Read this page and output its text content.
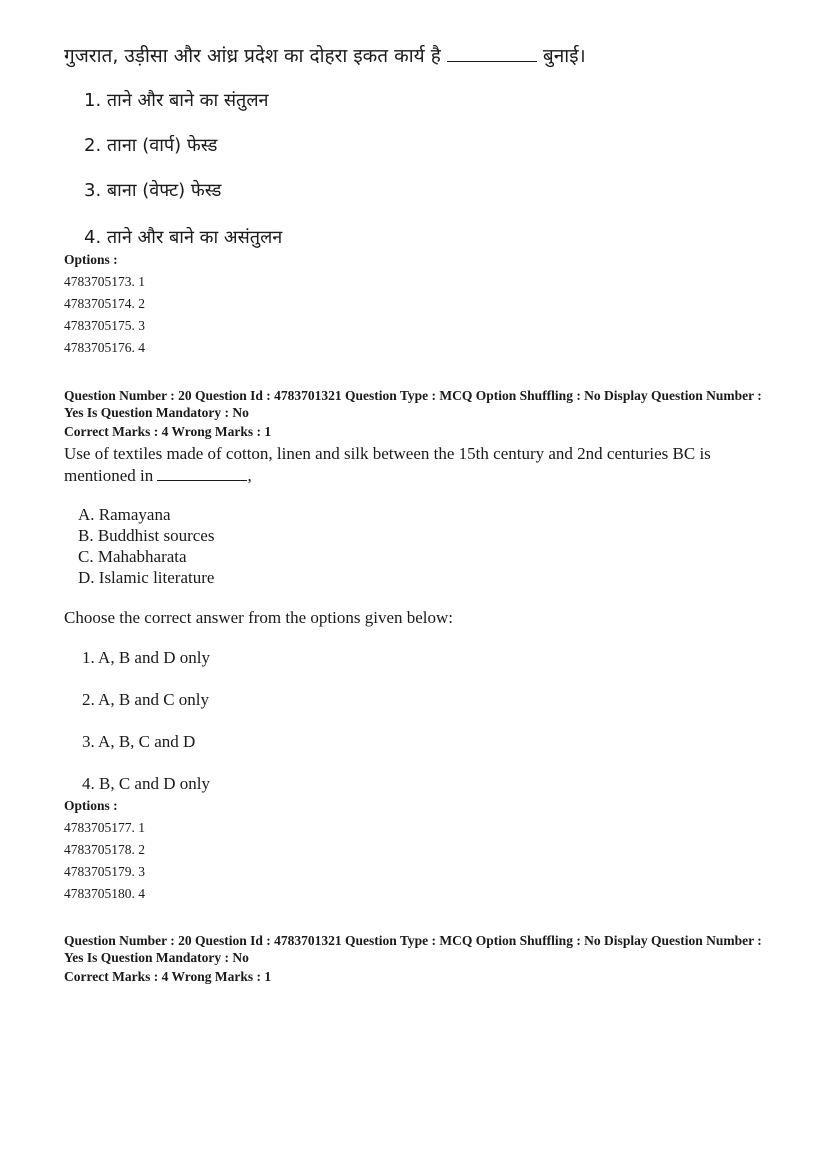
गुजरात, उड़ीसा और आंध्र प्रदेश का दोहरा इकत कार्य है	बुनाई।
1. ताने और बाने का संतुलन
2. ताना (वार्प) फेस्ड
3. बाना (वेफ्ट) फेस्ड
4. ताने और बाने का असंतुलन
Options :
4783705173. 1
4783705174. 2
4783705175. 3
4783705176. 4
Question Number : 20 Question Id : 4783701321 Question Type : MCQ Option Shuffling : No Display Question Number : Yes Is Question Mandatory : No
Correct Marks : 4 Wrong Marks : 1
Use of textiles made of cotton, linen and silk between the 15th century and 2nd centuries BC is mentioned in	,
A. Ramayana
B. Buddhist sources
C. Mahabharata
D. Islamic literature
Choose the correct answer from the options given below:
1. A, B and D only
2. A, B and C only
3. A, B, C and D
4. B, C and D only
Options :
4783705177. 1
4783705178. 2
4783705179. 3
4783705180. 4
Question Number : 20 Question Id : 4783701321 Question Type : MCQ Option Shuffling : No Display Question Number : Yes Is Question Mandatory : No
Correct Marks : 4 Wrong Marks : 1
